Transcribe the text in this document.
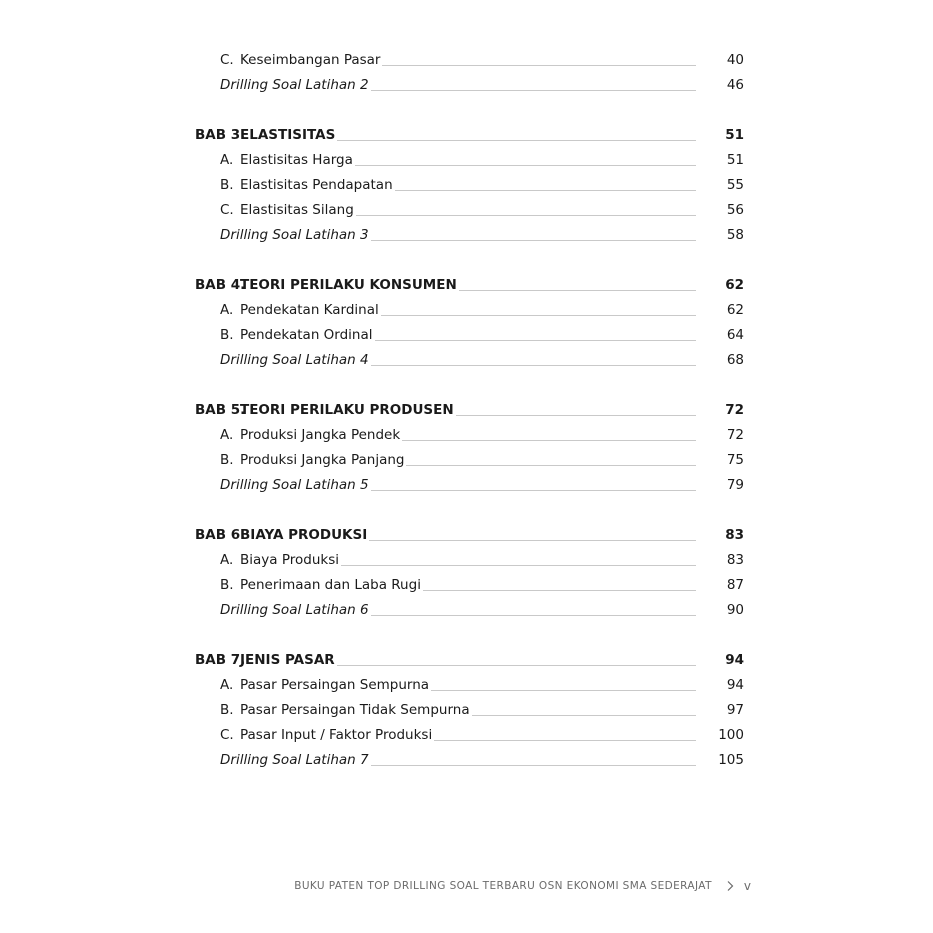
C. Keseimbangan Pasar	40
Drilling Soal Latihan 2	46
BAB 3.ELASTISITAS	51
A. Elastisitas Harga	51
B. Elastisitas Pendapatan	55
C. Elastisitas Silang	56
Drilling Soal Latihan 3	58
BAB 4.TEORI PERILAKU KONSUMEN	62
A. Pendekatan Kardinal	62
B. Pendekatan Ordinal	64
Drilling Soal Latihan 4	68
BAB 5.TEORI PERILAKU PRODUSEN	72
A. Produksi Jangka Pendek	72
B. Produksi Jangka Panjang	75
Drilling Soal Latihan 5	79
BAB 6.BIAYA PRODUKSI	83
A. Biaya Produksi	83
B. Penerimaan dan Laba Rugi	87
Drilling Soal Latihan 6	90
BAB 7.JENIS PASAR	94
A. Pasar Persaingan Sempurna	94
B. Pasar Persaingan Tidak Sempurna	97
C. Pasar Input / Faktor Produksi	100
Drilling Soal Latihan 7	105
BUKU PATEN TOP DRILLING SOAL TERBARU OSN EKONOMI SMA SEDERAJAT	v
